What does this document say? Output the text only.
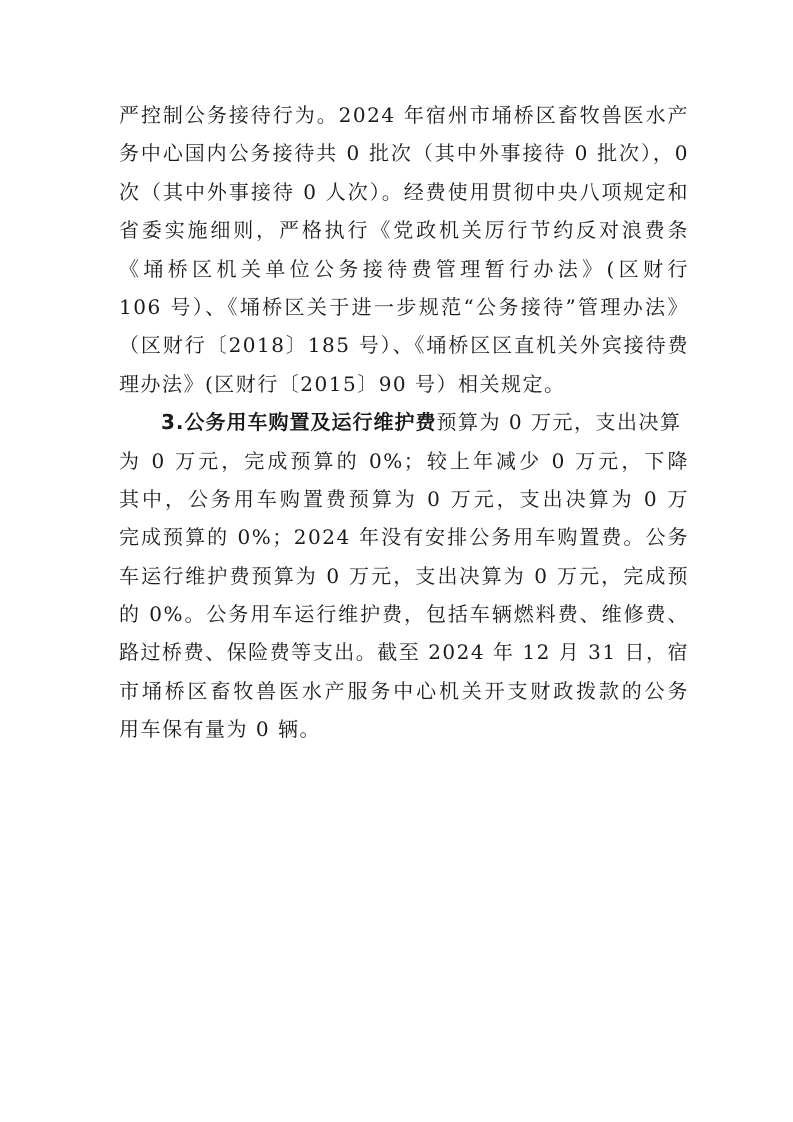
严控制公务接待行为。2024 年宿州市埇桥区畜牧兽医水产
务中心国内公务接待共 0 批次（其中外事接待 0 批次），0
次（其中外事接待 0 人次）。经费使用贯彻中央八项规定和
省委实施细则，严格执行《党政机关厉行节约反对浪费条
《埇桥区机关单位公务接待费管理暂行办法》(区财行
106 号）、《埇桥区关于进一步规范“公务接待”管理办法》
（区财行〔2018〕185 号）、《埇桥区区直机关外宾接待费
理办法》(区财行〔2015〕90 号）相关规定。
3.公务用车购置及运行维护费预算为 0 万元，支出决算
为 0 万元，完成预算的 0%；较上年减少 0 万元，下降
其中，公务用车购置费预算为 0 万元，支出决算为 0 万
完成预算的 0%；2024 年没有安排公务用车购置费。公务
车运行维护费预算为 0 万元，支出决算为 0 万元，完成预
的 0%。公务用车运行维护费，包括车辆燃料费、维修费、
路过桥费、保险费等支出。截至 2024 年 12 月 31 日，宿
市埇桥区畜牧兽医水产服务中心机关开支财政拨款的公务
用车保有量为 0 辆。
